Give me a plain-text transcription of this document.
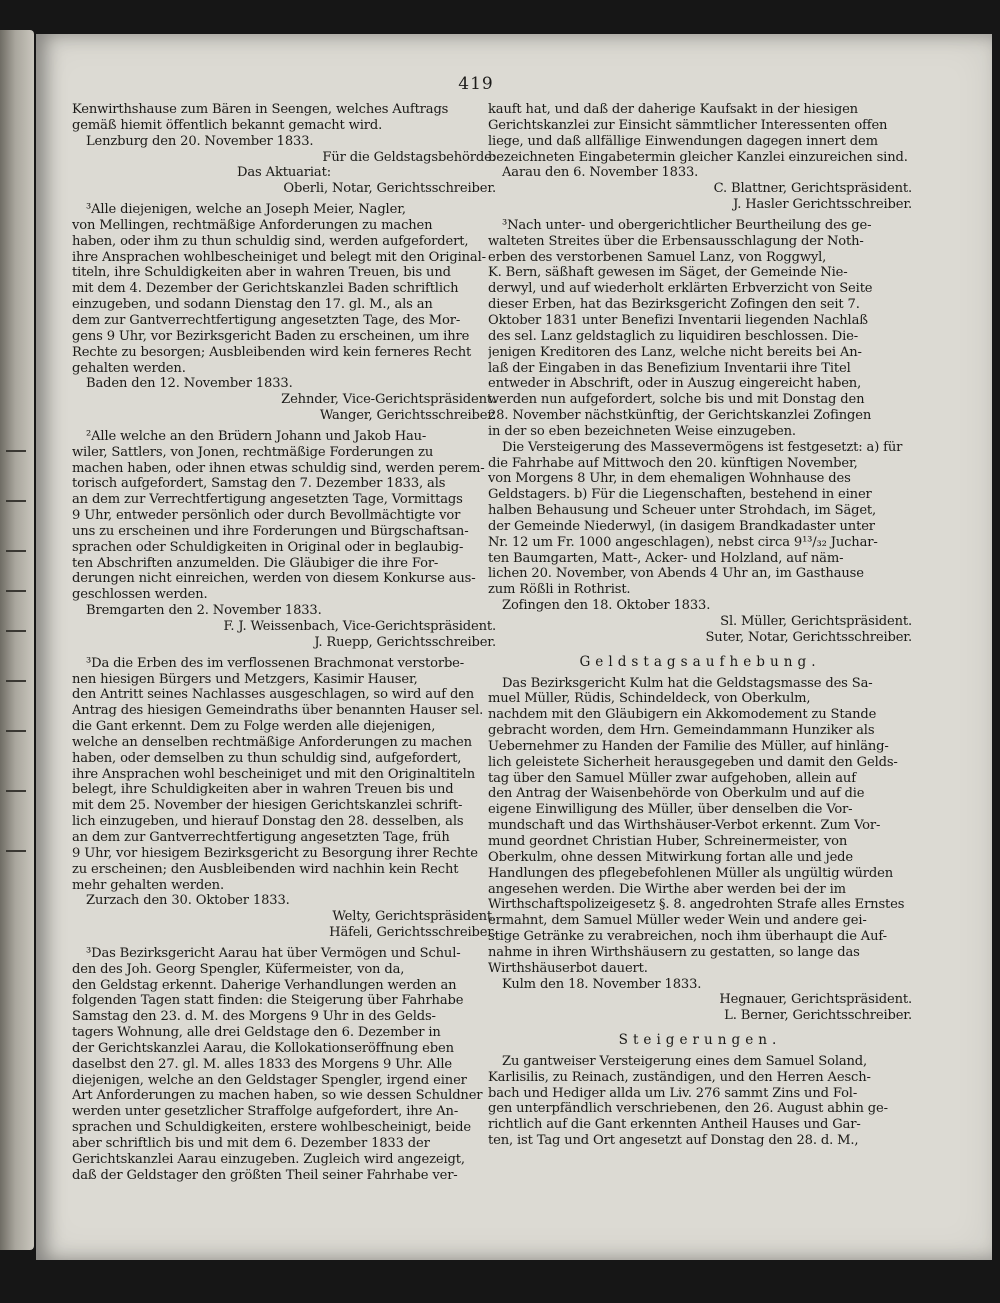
419
Kenwirthshause zum Bären in Seengen, welches Auftrags
gemäß hiemit öffentlich bekannt gemacht wird.
Lenzburg den 20. November 1833.
Für die Geldstagsbehörde:
Das Aktuariat:
Oberli, Notar, Gerichtsschreiber.
³Alle diejenigen, welche an Joseph Meier, Nagler,
von Mellingen, rechtmäßige Anforderungen zu machen
haben, oder ihm zu thun schuldig sind, werden aufgefordert,
ihre Ansprachen wohlbescheiniget und belegt mit den Original-
titeln, ihre Schuldigkeiten aber in wahren Treuen, bis und
mit dem 4. Dezember der Gerichtskanzlei Baden schriftlich
einzugeben, und sodann Dienstag den 17. gl. M., als an
dem zur Gantverrechtfertigung angesetzten Tage, des Mor-
gens 9 Uhr, vor Bezirksgericht Baden zu erscheinen, um ihre
Rechte zu besorgen; Ausbleibenden wird kein ferneres Recht
gehalten werden.
Baden den 12. November 1833.
Zehnder, Vice-Gerichtspräsident.
Wanger, Gerichtsschreiber.
²Alle welche an den Brüdern Johann und Jakob Hau-
wiler, Sattlers, von Jonen, rechtmäßige Forderungen zu
machen haben, oder ihnen etwas schuldig sind, werden perem-
torisch aufgefordert, Samstag den 7. Dezember 1833, als
an dem zur Verrechtfertigung angesetzten Tage, Vormittags
9 Uhr, entweder persönlich oder durch Bevollmächtigte vor
uns zu erscheinen und ihre Forderungen und Bürgschaftsan-
sprachen oder Schuldigkeiten in Original oder in beglaubig-
ten Abschriften anzumelden. Die Gläubiger die ihre For-
derungen nicht einreichen, werden von diesem Konkurse aus-
geschlossen werden.
Bremgarten den 2. November 1833.
F. J. Weissenbach, Vice-Gerichtspräsident.
J. Ruepp, Gerichtsschreiber.
³Da die Erben des im verflossenen Brachmonat verstorbe-
nen hiesigen Bürgers und Metzgers, Kasimir Hauser,
den Antritt seines Nachlasses ausgeschlagen, so wird auf den
Antrag des hiesigen Gemeindraths über benannten Hauser sel.
die Gant erkennt. Dem zu Folge werden alle diejenigen,
welche an denselben rechtmäßige Anforderungen zu machen
haben, oder demselben zu thun schuldig sind, aufgefordert,
ihre Ansprachen wohl bescheiniget und mit den Originaltiteln
belegt, ihre Schuldigkeiten aber in wahren Treuen bis und
mit dem 25. November der hiesigen Gerichtskanzlei schrift-
lich einzugeben, und hierauf Donstag den 28. desselben, als
an dem zur Gantverrechtfertigung angesetzten Tage, früh
9 Uhr, vor hiesigem Bezirksgericht zu Besorgung ihrer Rechte
zu erscheinen; den Ausbleibenden wird nachhin kein Recht
mehr gehalten werden.
Zurzach den 30. Oktober 1833.
Welty, Gerichtspräsident.
Häfeli, Gerichtsschreiber.
³Das Bezirksgericht Aarau hat über Vermögen und Schul-
den des Joh. Georg Spengler, Küfermeister, von da,
den Geldstag erkennt. Daherige Verhandlungen werden an
folgenden Tagen statt finden: die Steigerung über Fahrhabe
Samstag den 23. d. M. des Morgens 9 Uhr in des Gelds-
tagers Wohnung, alle drei Geldstage den 6. Dezember in
der Gerichtskanzlei Aarau, die Kollokationseröffnung eben
daselbst den 27. gl. M. alles 1833 des Morgens 9 Uhr. Alle
diejenigen, welche an den Geldstager Spengler, irgend einer
Art Anforderungen zu machen haben, so wie dessen Schuldner
werden unter gesetzlicher Straffolge aufgefordert, ihre An-
sprachen und Schuldigkeiten, erstere wohlbescheinigt, beide
aber schriftlich bis und mit dem 6. Dezember 1833 der
Gerichtskanzlei Aarau einzugeben. Zugleich wird angezeigt,
daß der Geldstager den größten Theil seiner Fahrhabe ver-
kauft hat, und daß der daherige Kaufsakt in der hiesigen
Gerichtskanzlei zur Einsicht sämmtlicher Interessenten offen
liege, und daß allfällige Einwendungen dagegen innert dem
bezeichneten Eingabetermin gleicher Kanzlei einzureichen sind.
Aarau den 6. November 1833.
C. Blattner, Gerichtspräsident.
J. Hasler Gerichtsschreiber.
³Nach unter- und obergerichtlicher Beurtheilung des ge-
walteten Streites über die Erbensausschlagung der Noth-
erben des verstorbenen Samuel Lanz, von Roggwyl,
K. Bern, säßhaft gewesen im Säget, der Gemeinde Nie-
derwyl, und auf wiederholt erklärten Erbverzicht von Seite
dieser Erben, hat das Bezirksgericht Zofingen den seit 7.
Oktober 1831 unter Benefizi Inventarii liegenden Nachlaß
des sel. Lanz geldstaglich zu liquidiren beschlossen. Die-
jenigen Kreditoren des Lanz, welche nicht bereits bei An-
laß der Eingaben in das Benefizium Inventarii ihre Titel
entweder in Abschrift, oder in Auszug eingereicht haben,
werden nun aufgefordert, solche bis und mit Donstag den
28. November nächstkünftig, der Gerichtskanzlei Zofingen
in der so eben bezeichneten Weise einzugeben.
Die Versteigerung des Massevermögens ist festgesetzt: a) für
die Fahrhabe auf Mittwoch den 20. künftigen November,
von Morgens 8 Uhr, in dem ehemaligen Wohnhause des
Geldstagers. b) Für die Liegenschaften, bestehend in einer
halben Behausung und Scheuer unter Strohdach, im Säget,
der Gemeinde Niederwyl, (in dasigem Brandkadaster unter
Nr. 12 um Fr. 1000 angeschlagen), nebst circa 9¹³/₃₂ Juchar-
ten Baumgarten, Matt-, Acker- und Holzland, auf näm-
lichen 20. November, von Abends 4 Uhr an, im Gasthause
zum Rößli in Rothrist.
Zofingen den 18. Oktober 1833.
Sl. Müller, Gerichtspräsident.
Suter, Notar, Gerichtsschreiber.
Geldstagsaufhebung.
Das Bezirksgericht Kulm hat die Geldstagsmasse des Sa-
muel Müller, Rüdis, Schindeldeck, von Oberkulm,
nachdem mit den Gläubigern ein Akkomodement zu Stande
gebracht worden, dem Hrn. Gemeindammann Hunziker als
Uebernehmer zu Handen der Familie des Müller, auf hinläng-
lich geleistete Sicherheit herausgegeben und damit den Gelds-
tag über den Samuel Müller zwar aufgehoben, allein auf
den Antrag der Waisenbehörde von Oberkulm und auf die
eigene Einwilligung des Müller, über denselben die Vor-
mundschaft und das Wirthshäuser-Verbot erkennt. Zum Vor-
mund geordnet Christian Huber, Schreinermeister, von
Oberkulm, ohne dessen Mitwirkung fortan alle und jede
Handlungen des pflegebefohlenen Müller als ungültig würden
angesehen werden. Die Wirthe aber werden bei der im
Wirthschaftspolizeigesetz §. 8. angedrohten Strafe alles Ernstes
ermahnt, dem Samuel Müller weder Wein und andere gei-
stige Getränke zu verabreichen, noch ihm überhaupt die Auf-
nahme in ihren Wirthshäusern zu gestatten, so lange das
Wirthshäuserbot dauert.
Kulm den 18. November 1833.
Hegnauer, Gerichtspräsident.
L. Berner, Gerichtsschreiber.
Steigerungen.
Zu gantweiser Versteigerung eines dem Samuel Soland,
Karlisilis, zu Reinach, zuständigen, und den Herren Aesch-
bach und Hediger allda um Liv. 276 sammt Zins und Fol-
gen unterpfändlich verschriebenen, den 26. August abhin ge-
richtlich auf die Gant erkennten Antheil Hauses und Gar-
ten, ist Tag und Ort angesetzt auf Donstag den 28. d. M.,
